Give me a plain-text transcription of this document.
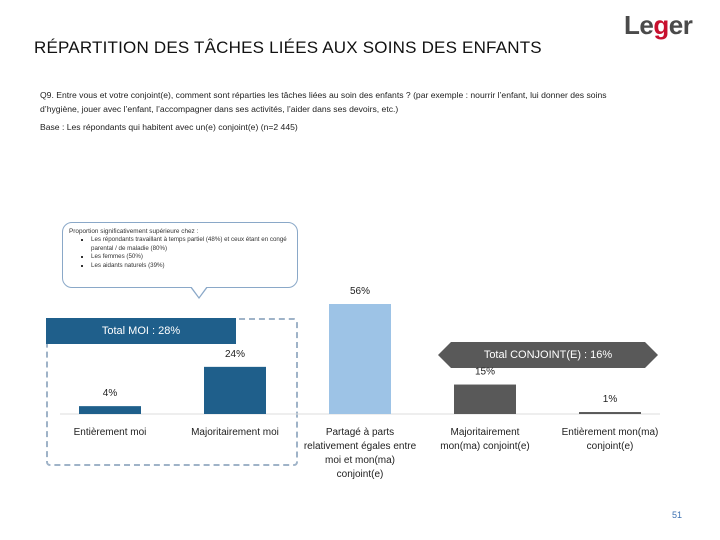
RÉPARTITION DES TÂCHES LIÉES AUX SOINS DES ENFANTS
Leger
Q9. Entre vous et votre conjoint(e), comment sont réparties les tâches liées au soin des enfants ? (par exemple : nourrir l’enfant, lui donner des soins d’hygiène, jouer avec l’enfant, l’accompagner dans ses activités, l’aider dans ses devoirs, etc.)
Base : Les répondants qui habitent avec un(e) conjoint(e) (n=2 445)
Proportion significativement supérieure chez :
▪ Les répondants travaillant à temps partiel (48%) et ceux étant en congé parental / de maladie (80%)
▪ Les femmes (50%)
▪ Les aidants naturels (39%)
Total MOI : 28%
Total CONJOINT(E) : 16%
4%
Entièrement moi
24%
Majoritairement moi
56%
Partagé à parts relativement égales entre moi et mon(ma) conjoint(e)
15%
Majoritairement mon(ma) conjoint(e)
1%
Entièrement mon(ma) conjoint(e)
51
